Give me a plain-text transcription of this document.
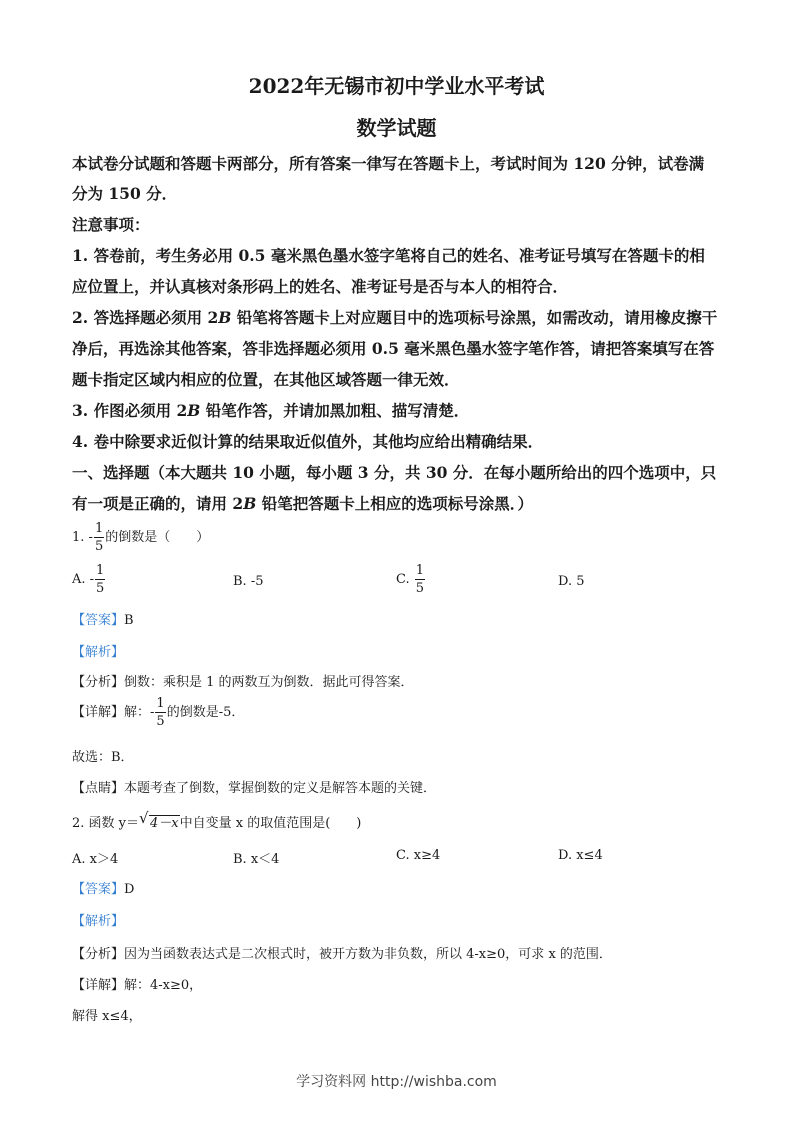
2022年无锡市初中学业水平考试
数学试题
本试卷分试题和答题卡两部分，所有答案一律写在答题卡上，考试时间为 120 分钟，试卷满
分为 150 分．
注意事项：
1. 答卷前，考生务必用 0.5 毫米黑色墨水签字笔将自己的姓名、准考证号填写在答题卡的相
应位置上，并认真核对条形码上的姓名、准考证号是否与本人的相符合．
2. 答选择题必须用 2B 铅笔将答题卡上对应题目中的选项标号涂黑，如需改动，请用橡皮擦干
净后，再选涂其他答案，答非选择题必须用 0.5 毫米黑色墨水签字笔作答，请把答案填写在答
题卡指定区域内相应的位置，在其他区域答题一律无效．
3. 作图必须用 2B 铅笔作答，并请加黑加粗、描写清楚．
4. 卷中除要求近似计算的结果取近似值外，其他均应给出精确结果．
一、选择题（本大题共 10 小题，每小题 3 分，共 30 分．在每小题所给出的四个选项中，只
有一项是正确的，请用 2B 铅笔把答题卡上相应的选项标号涂黑．）
1. - $\frac{1}{5}$ 的倒数是（　　）
A. - $\frac{1}{5}$	B. -5	C. $\frac{1}{5}$	D. 5
【答案】B
【解析】
【分析】倒数：乘积是 1 的两数互为倒数．据此可得答案．
【详解】解：- $\frac{1}{5}$ 的倒数是-5．
故选：B．
【点睛】本题考查了倒数，掌握倒数的定义是解答本题的关键．
2. 函数 y＝ √ 4－x中自变量 x 的取值范围是(　　)
A. x＞4	B. x＜4	C. x≥4	D. x≤4
【答案】D
【解析】
【分析】因为当函数表达式是二次根式时，被开方数为非负数，所以 4-x≥0，可求 x 的范围．
【详解】解：4-x≥0，
解得 x≤4，
学习资料网 http://wishba.com
